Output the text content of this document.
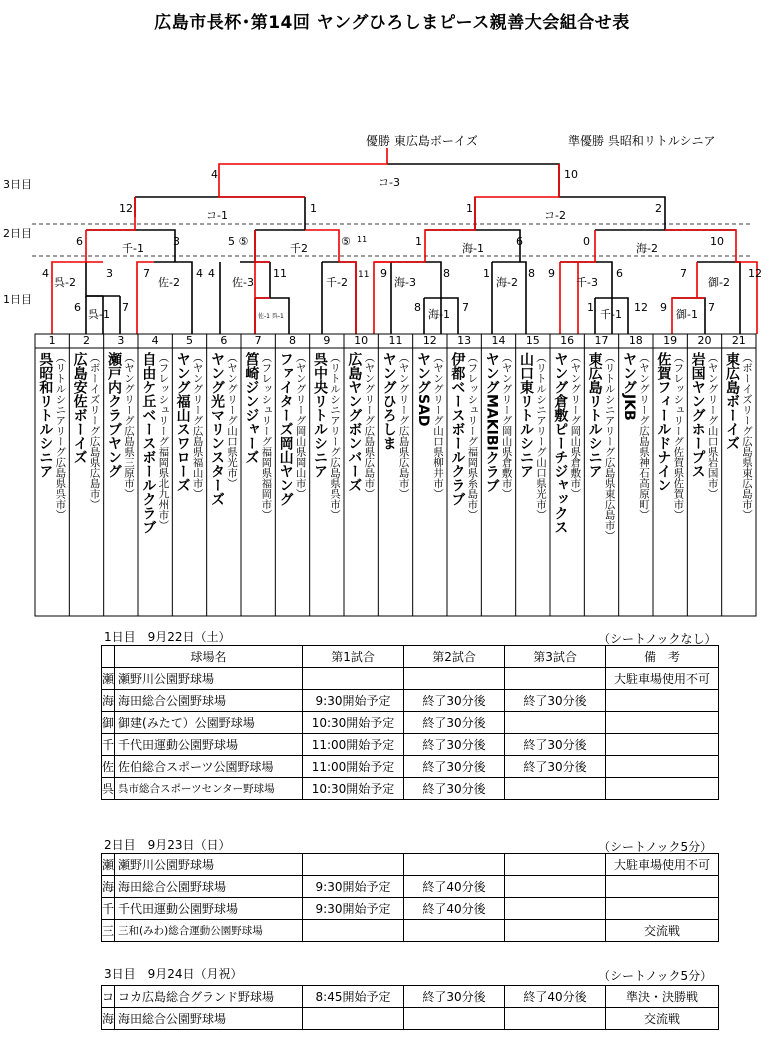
広島市長杯･第14回 ヤングひろしまピース親善大会組合せ表
優勝 東広島ボーイズ	準優勝 呉昭和リトルシニア
3日目
2日目
1日目
コ-3
コ-1	コ-2
千-1	千2	海-1	海-2
呉-2
呉-1
佐-2	佐-3
佐-1 呉-1
千-2	海-3
海-1
海-2	千-3
千-1
御-2
御-1
4	10
12	1	1	2
6	3	5 ⑤	⑤ 11	1	6	0	10
4	3
6	7
7	4 4	11	11 9	8
8	7
1	8 9	6
1	12
7	12
9	7
1
呉昭和リトルシニア （リトルシニアリーグ広島県呉市）
2
広島安佐ボーイズ （ボーイズリーグ広島県広島市）
3
瀬戸内クラブヤング （ヤングリーグ広島県三原市）
4
自由ケ丘ベースボールクラブ （フレッシュリーグ福岡県北九州市）
5
ヤング福山スワローズ （ヤングリーグ広島県福山市）
6
ヤング光マリンスターズ （ヤングリーグ山口県光市）
7
筥崎ジンジャーズ （フレッシュリーグ福岡県福岡市）
8
ファイターズ岡山ヤング （ヤングリーグ岡山県岡山市）
9
呉中央リトルシニア （リトルシニアリーグ広島県呉市）
10
広島ヤングボンバーズ （ヤングリーグ広島県広島市）
11
ヤングひろしま （ヤングリーグ広島県広島市）
12
ヤングSAD （ヤングリーグ山口県柳井市）
13
伊都ベースボールクラブ （フレッシュリーグ福岡県糸島市）
14
ヤングMAKIBIクラブ （ヤングリーグ岡山県倉敷市）
15
山口東リトルシニア （リトルシニアリーグ山口県光市）
16
ヤング倉敷ピーチジャックス （ヤングリーグ岡山県倉敷市）
17
東広島リトルシニア （リトルシニアリーグ広島県東広島市）
18
ヤングJKB （ヤングリーグ広島県神石高原町）
19
佐賀フィールドナイン （フレッシュリーグ佐賀県佐賀市）
20
岩国ヤングホープス （ヤングリーグ山口県岩国市）
21
東広島ボーイズ （ボーイズリーグ広島県東広島市）
1日目　9月22日（土）	（シートノックなし）
	球場名	第1試合	第2試合	第3試合	備　考
瀬	瀬野川公園野球場				大駐車場使用不可
海	海田総合公園野球場	9:30開始予定	終了30分後	終了30分後	
御	御建(みたて）公園野球場	10:30開始予定	終了30分後		
千	千代田運動公園野球場	11:00開始予定	終了30分後	終了30分後	
佐	佐伯総合スポーツ公園野球場	11:00開始予定	終了30分後	終了30分後	
呉	呉市総合スポーツセンター野球場	10:30開始予定	終了30分後		
2日目　9月23日（日）	（シートノック5分）
瀬	瀬野川公園野球場				大駐車場使用不可
海	海田総合公園野球場	9:30開始予定	終了40分後		
千	千代田運動公園野球場	9:30開始予定	終了40分後		
三	三和(みわ)総合運動公園野球場				交流戦
3日目　9月24日（月祝）	（シートノック5分）
コ	コカ広島総合グランド野球場	8:45開始予定	終了30分後	終了40分後	準決・決勝戦
海	海田総合公園野球場				交流戦
